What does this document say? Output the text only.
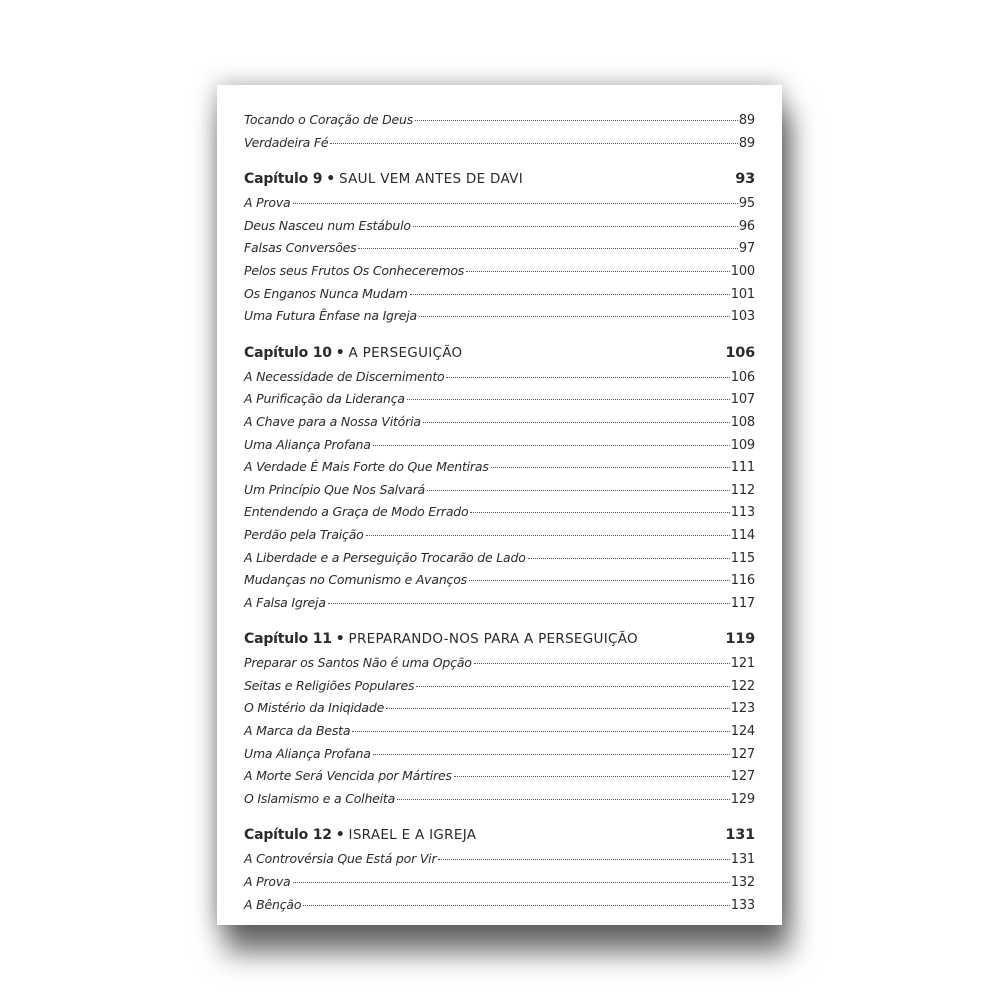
Tocando o Coração de Deus	89
Verdadeira Fé	89
Capítulo 9 • SAUL VEM ANTES DE DAVI	93
A Prova	95
Deus Nasceu num Estábulo	96
Falsas Conversões	97
Pelos seus Frutos Os Conheceremos	100
Os Enganos Nunca Mudam	101
Uma Futura Ênfase na Igreja	103
Capítulo 10 • A PERSEGUIÇÃO	106
A Necessidade de Discernimento	106
A Purificação da Liderança	107
A Chave para a Nossa Vitória	108
Uma Aliança Profana	109
A Verdade É Mais Forte do Que Mentiras	111
Um Princípio Que Nos Salvará	112
Entendendo a Graça de Modo Errado	113
Perdão pela Traição	114
A Liberdade e a Perseguição Trocarão de Lado	115
Mudanças no Comunismo e Avanços	116
A Falsa Igreja	117
Capítulo 11 • PREPARANDO-NOS PARA A PERSEGUIÇÃO	119
Preparar os Santos Não é uma Opção	121
Seitas e Religiões Populares	122
O Mistério da Iniqidade	123
A Marca da Besta	124
Uma Aliança Profana	127
A Morte Será Vencida por Mártires	127
O Islamismo e a Colheita	129
Capítulo 12 • ISRAEL E A IGREJA	131
A Controvérsia Que Está por Vir	131
A Prova	132
A Bênção	133
